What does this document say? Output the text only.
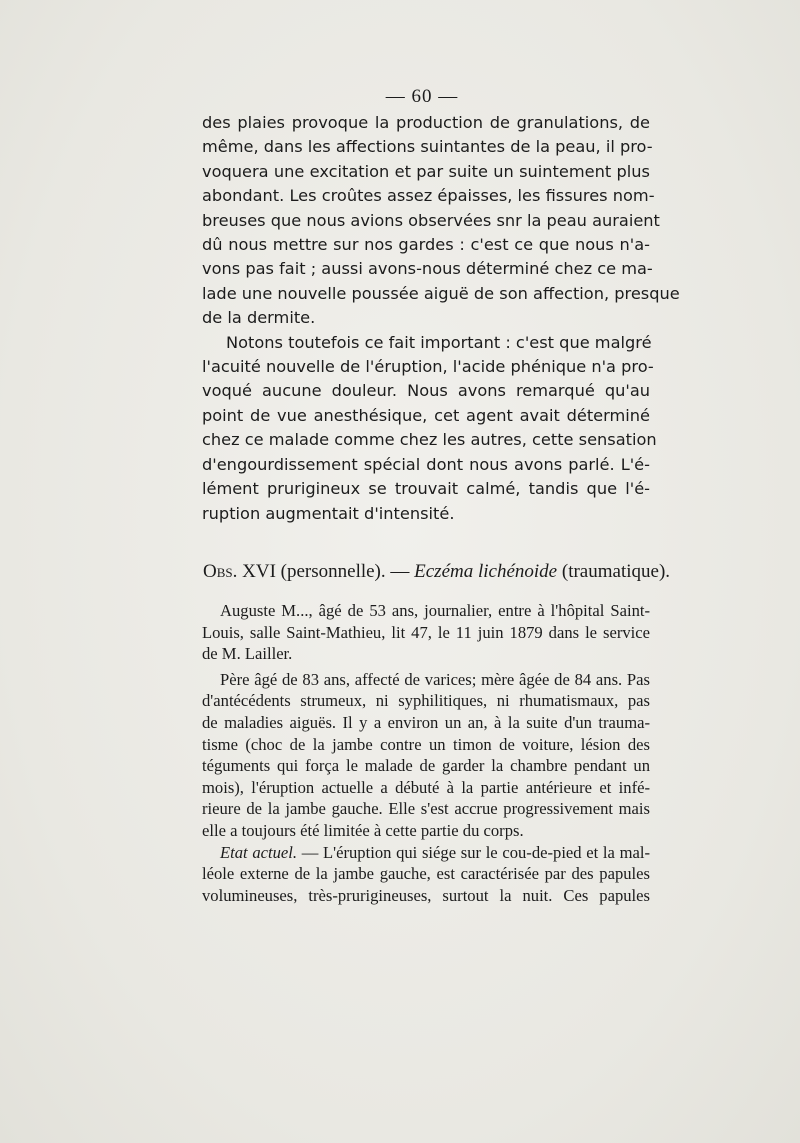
— 60 —

des plaies provoque la production de granulations, de

même, dans les affections suintantes de la peau, il pro-

voquera une excitation et par suite un suintement plus

abondant. Les croûtes assez épaisses, les fissures nom-

breuses que nous avions observées snr la peau auraient

dû nous mettre sur nos gardes : c'est ce que nous n'a-

vons pas fait ; aussi avons-nous déterminé chez ce ma-

lade une nouvelle poussée aiguë de son affection, presque

de la dermite.

Notons toutefois ce fait important : c'est que malgré

l'acuité nouvelle de l'éruption, l'acide phénique n'a pro-

voqué aucune douleur. Nous avons remarqué qu'au

point de vue anesthésique, cet agent avait déterminé

chez ce malade comme chez les autres, cette sensation

d'engourdissement spécial dont nous avons parlé. L'é-

lément prurigineux se trouvait calmé, tandis que l'é-

ruption augmentait d'intensité.

Obs. XVI (personnelle). — Eczéma lichénoide (traumatique).

Auguste M..., âgé de 53 ans, journalier, entre à l'hôpital Saint-

Louis, salle Saint-Mathieu, lit 47, le 11 juin 1879 dans le service

de M. Lailler.

Père âgé de 83 ans, affecté de varices; mère âgée de 84 ans. Pas

d'antécédents strumeux, ni syphilitiques, ni rhumatismaux, pas

de maladies aiguës. Il y a environ un an, à la suite d'un trauma-

tisme (choc de la jambe contre un timon de voiture, lésion des

téguments qui força le malade de garder la chambre pendant un

mois), l'éruption actuelle a débuté à la partie antérieure et infé-

rieure de la jambe gauche. Elle s'est accrue progressivement mais

elle a toujours été limitée à cette partie du corps.

Etat actuel. — L'éruption qui siége sur le cou-de-pied et la mal-

léole externe de la jambe gauche, est caractérisée par des papules

volumineuses, très-prurigineuses, surtout la nuit. Ces papules
